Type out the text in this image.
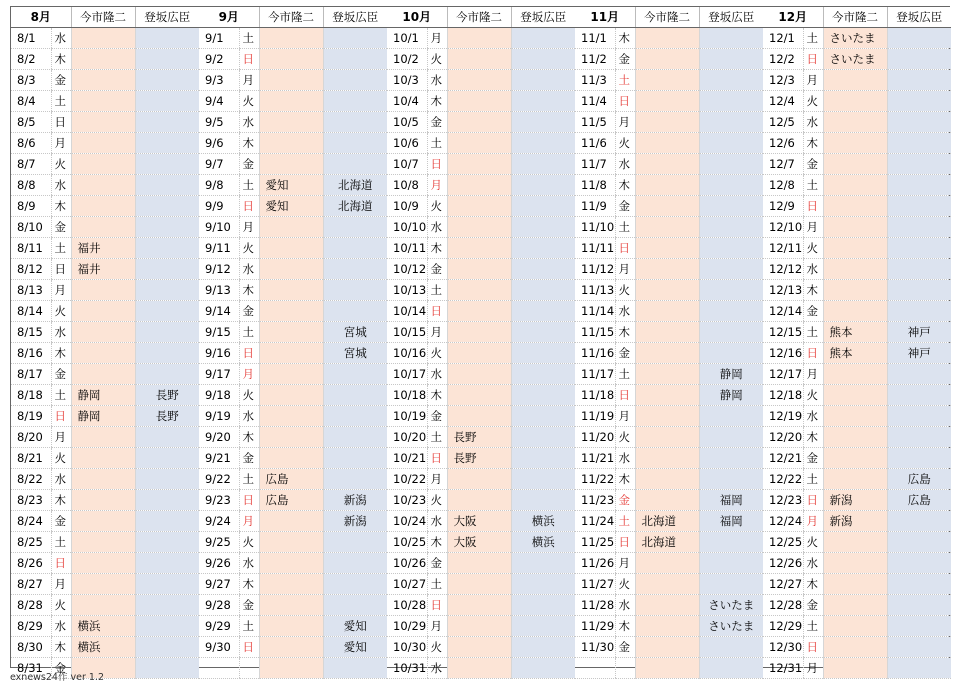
8月		今市隆二	登坂広臣
8/1	水		
8/2	木		
8/3	金		
8/4	土		
8/5	日		
8/6	月		
8/7	火		
8/8	水		
8/9	木		
8/10	金		
8/11	土	福井	
8/12	日	福井	
8/13	月		
8/14	火		
8/15	水		
8/16	木		
8/17	金		
8/18	土	静岡	長野
8/19	日	静岡	長野
8/20	月		
8/21	火		
8/22	水		
8/23	木		
8/24	金		
8/25	土		
8/26	日		
8/27	月		
8/28	火		
8/29	水	横浜	
8/30	木	横浜	
8/31	金		
9月		今市隆二	登坂広臣
9/1	土		
9/2	日		
9/3	月		
9/4	火		
9/5	水		
9/6	木		
9/7	金		
9/8	土	愛知	北海道
9/9	日	愛知	北海道
9/10	月		
9/11	火		
9/12	水		
9/13	木		
9/14	金		
9/15	土		宮城
9/16	日		宮城
9/17	月		
9/18	火		
9/19	水		
9/20	木		
9/21	金		
9/22	土	広島	
9/23	日	広島	新潟
9/24	月		新潟
9/25	火		
9/26	水		
9/27	木		
9/28	金		
9/29	土		愛知
9/30	日		愛知

10月		今市隆二	登坂広臣
10/1	月		
10/2	火		
10/3	水		
10/4	木		
10/5	金		
10/6	土		
10/7	日		
10/8	月		
10/9	火		
10/10	水		
10/11	木		
10/12	金		
10/13	土		
10/14	日		
10/15	月		
10/16	火		
10/17	水		
10/18	木		
10/19	金		
10/20	土	長野	
10/21	日	長野	
10/22	月		
10/23	火		
10/24	水	大阪	横浜
10/25	木	大阪	横浜
10/26	金		
10/27	土		
10/28	日		
10/29	月		
10/30	火		
10/31	水		
11月		今市隆二	登坂広臣
11/1	木		
11/2	金		
11/3	土		
11/4	日		
11/5	月		
11/6	火		
11/7	水		
11/8	木		
11/9	金		
11/10	土		
11/11	日		
11/12	月		
11/13	火		
11/14	水		
11/15	木		
11/16	金		
11/17	土		静岡
11/18	日		静岡
11/19	月		
11/20	火		
11/21	水		
11/22	木		
11/23	金		福岡
11/24	土	北海道	福岡
11/25	日	北海道	
11/26	月		
11/27	火		
11/28	水		さいたま
11/29	木		さいたま
11/30	金		

12月		今市隆二	登坂広臣
12/1	土	さいたま	
12/2	日	さいたま	
12/3	月		
12/4	火		
12/5	水		
12/6	木		
12/7	金		
12/8	土		
12/9	日		
12/10	月		
12/11	火		
12/12	水		
12/13	木		
12/14	金		
12/15	土	熊本	神戸
12/16	日	熊本	神戸
12/17	月		
12/18	火		
12/19	水		
12/20	木		
12/21	金		
12/22	土		広島
12/23	日	新潟	広島
12/24	月	新潟	
12/25	火		
12/26	水		
12/27	木		
12/28	金		
12/29	土		
12/30	日		
12/31	月		
exnews24作 ver 1.2
